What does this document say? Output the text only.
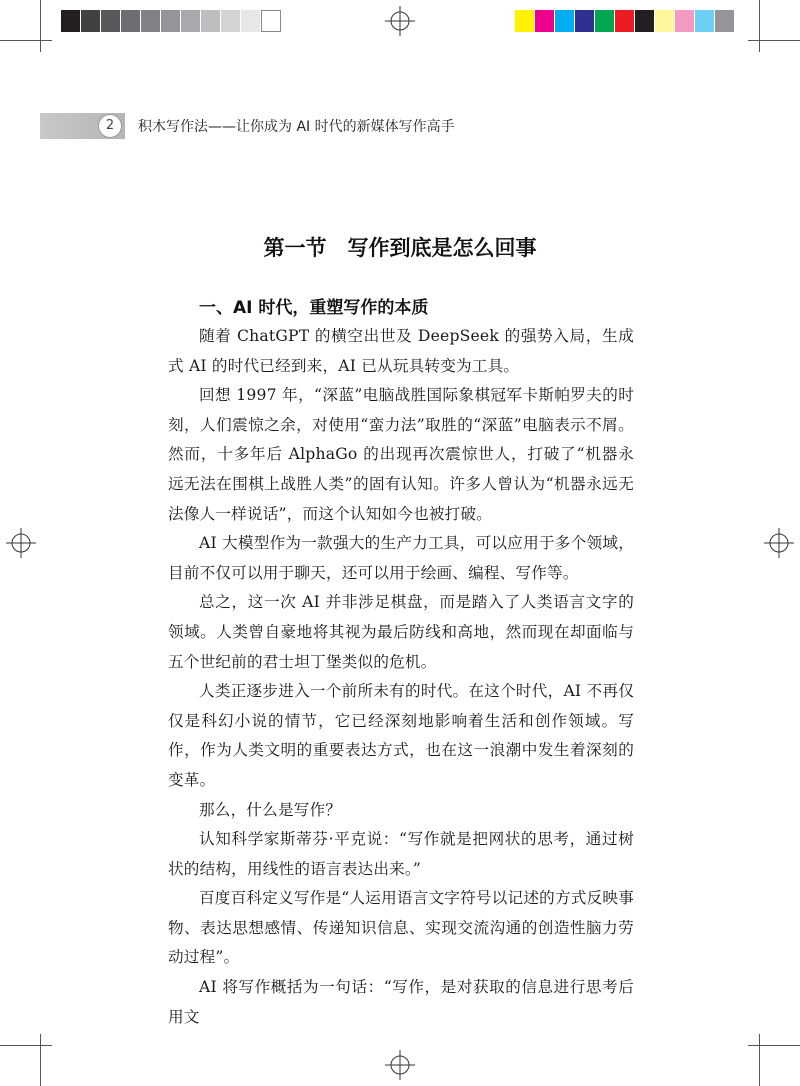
2	积木写作法——让你成为 AI 时代的新媒体写作高手
第一节　写作到底是怎么回事
一、AI 时代，重塑写作的本质

随着 ChatGPT 的横空出世及 DeepSeek 的强势入局，生成式 AI 的时代已经到来，AI 已从玩具转变为工具。

回想 1997 年，“深蓝”电脑战胜国际象棋冠军卡斯帕罗夫的时刻，人们震惊之余，对使用“蛮力法”取胜的“深蓝”电脑表示不屑。然而，十多年后 AlphaGo 的出现再次震惊世人，打破了“机器永远无法在围棋上战胜人类”的固有认知。许多人曾认为“机器永远无法像人一样说话”，而这个认知如今也被打破。

AI 大模型作为一款强大的生产力工具，可以应用于多个领域，目前不仅可以用于聊天，还可以用于绘画、编程、写作等。

总之，这一次 AI 并非涉足棋盘，而是踏入了人类语言文字的领域。人类曾自豪地将其视为最后防线和高地，然而现在却面临与五个世纪前的君士坦丁堡类似的危机。

人类正逐步进入一个前所未有的时代。在这个时代，AI 不再仅仅是科幻小说的情节，它已经深刻地影响着生活和创作领域。写作，作为人类文明的重要表达方式，也在这一浪潮中发生着深刻的变革。

那么，什么是写作？

认知科学家斯蒂芬·平克说：“写作就是把网状的思考，通过树状的结构，用线性的语言表达出来。”

百度百科定义写作是“人运用语言文字符号以记述的方式反映事物、表达思想感情、传递知识信息、实现交流沟通的创造性脑力劳动过程”。

AI 将写作概括为一句话：“写作，是对获取的信息进行思考后用文
